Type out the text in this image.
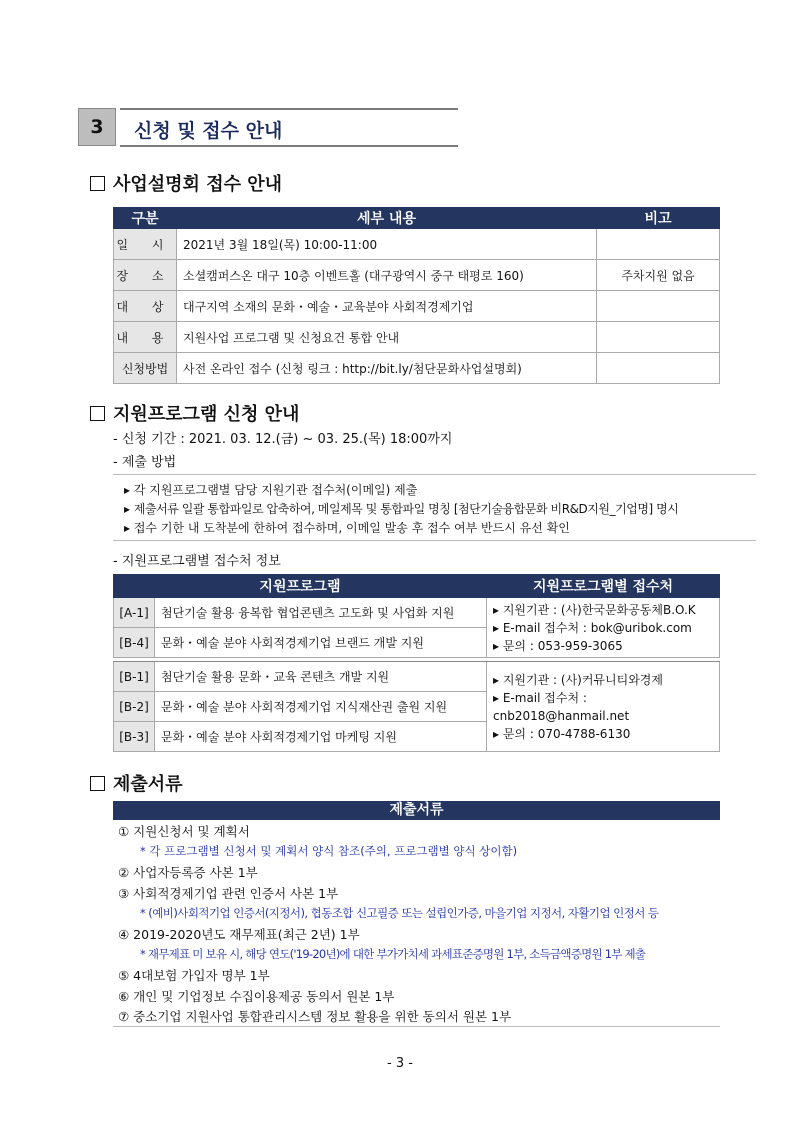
3	신청 및 접수 안내
사업설명회 접수 안내
구분	세부 내용	비고
일 시	2021년 3월 18일(목) 10:00-11:00	
장 소	소셜캠퍼스온 대구 10층 이벤트홀 (대구광역시 중구 태평로 160)	주차지원 없음
대 상	대구지역 소재의 문화・예술・교육분야 사회적경제기업	
내 용	지원사업 프로그램 및 신청요건 통합 안내	
신청방법	사전 온라인 접수 (신청 링크 : http://bit.ly/첨단문화사업설명회)	
지원프로그램 신청 안내
- 신청 기간 : 2021. 03. 12.(금) ~ 03. 25.(목) 18:00까지
- 제출 방법
▸ 각 지원프로그램별 담당 지원기관 접수처(이메일) 제출
▸ 제출서류 일괄 통합파일로 압축하여, 메일제목 및 통합파일 명칭 [첨단기술융합문화 비R&D지원_기업명] 명시
▸ 접수 기한 내 도착분에 한하여 접수하며, 이메일 발송 후 접수 여부 반드시 유선 확인
- 지원프로그램별 접수처 정보
지원프로그램		지원프로그램별 접수처
[A-1]	첨단기술 활용 융복합 협업콘텐츠 고도화 및 사업화 지원	▸ 지원기관 : (사)한국문화공동체B.O.K
▸ E-mail 접수처 : bok@uribok.com
▸ 문의 : 053-959-3065

[B-4]	문화・예술 분야 사회적경제기업 브랜드 개발 지원	

[B-1]	첨단기술 활용 문화・교육 콘텐츠 개발 지원	▸ 지원기관 : (사)커뮤니티와경제
▸ E-mail 접수처 : cnb2018@hanmail.net
▸ 문의 : 070-4788-6130

[B-2]	문화・예술 분야 사회적경제기업 지식재산권 출원 지원	
[B-3]	문화・예술 분야 사회적경제기업 마케팅 지원	
제출서류
제출서류
① 지원신청서 및 계획서
* 각 프로그램별 신청서 및 계획서 양식 참조(주의, 프로그램별 양식 상이함)
② 사업자등록증 사본 1부
③ 사회적경제기업 관련 인증서 사본 1부
* (예비)사회적기업 인증서(지정서), 협동조합 신고필증 또는 설립인가증, 마을기업 지정서, 자활기업 인정서 등
④ 2019-2020년도 재무제표(최근 2년) 1부
* 재무제표 미 보유 시, 해당 연도('19-20년)에 대한 부가가치세 과세표준증명원 1부, 소득금액증명원 1부 제출
⑤ 4대보험 가입자 명부 1부
⑥ 개인 및 기업정보 수집이용제공 동의서 원본 1부
⑦ 중소기업 지원사업 통합관리시스템 정보 활용을 위한 동의서 원본 1부
- 3 -
